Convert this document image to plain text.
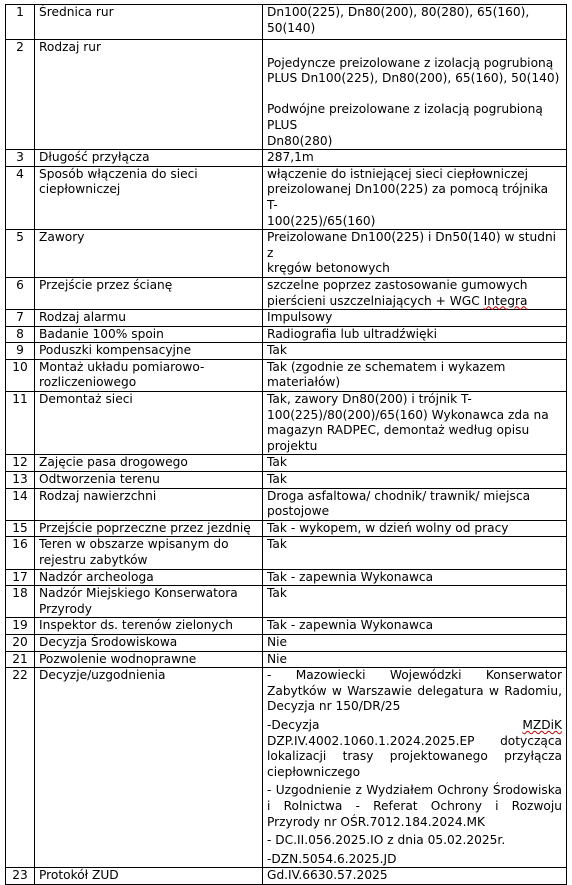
1	Średnica rur	Dn100(225), Dn80(200), 80(280), 65(160),
50(140)
2	Rodzaj rur	Pojedyncze preizolowane z izolacją pogrubioną
PLUS Dn100(225), Dn80(200), 65(160), 50(140)
Podwójne preizolowane z izolacją pogrubioną PLUS
Dn80(280)

3	Długość przyłącza	287,1m
4	Sposób włączenia do sieci
ciepłowniczej	włączenie do istniejącej sieci ciepłowniczej
preizolowanej Dn100(225) za pomocą trójnika T-
100(225)/65(160)
5	Zawory	Preizolowane Dn100(225) i Dn50(140) w studni z
kręgów betonowych
6	Przejście przez ścianę	szczelne poprzez zastosowanie gumowych
pierścieni uszczelniających + WGC Integra
7	Rodzaj alarmu	Impulsowy
8	Badanie 100% spoin	Radiografia lub ultradźwięki
9	Poduszki kompensacyjne	Tak
10	Montaż układu pomiarowo-
rozliczeniowego	Tak (zgodnie ze schematem i wykazem materiałów)
11	Demontaż sieci	Tak, zawory Dn80(200) i trójnik T-
100(225)/80(200)/65(160) Wykonawca zda na
magazyn RADPEC, demontaż według opisu projektu
12	Zajęcie pasa drogowego	Tak
13	Odtworzenia terenu	Tak
14	Rodzaj nawierzchni	Droga asfaltowa/ chodnik/ trawnik/ miejsca
postojowe
15	Przejście poprzeczne przez jezdnię	Tak - wykopem, w dzień wolny od pracy
16	Teren w obszarze wpisanym do
rejestru zabytków	Tak
17	Nadzór archeologa	Tak - zapewnia Wykonawca
18	Nadzór Miejskiego Konserwatora
Przyrody	Tak
19	Inspektor ds. terenów zielonych	Tak - zapewnia Wykonawca
20	Decyzja Środowiskowa	Nie
21	Pozwolenie wodnoprawne	Nie
22	Decyzje/uzgodnienia	- Mazowiecki Wojewódzki Konserwator Zabytków w Warszawie delegatura w Radomiu, Decyzja nr 150/DR/25
-Decyzja MZDiK DZP.IV.4002.1060.1.2024.2025.EP dotycząca lokalizacji trasy projektowanego przyłącza ciepłowniczego
- Uzgodnienie z Wydziałem Ochrony Środowiska i Rolnictwa - Referat Ochrony i Rozwoju Przyrody nr OŚR.7012.184.2024.MK
- DC.II.056.2025.IO z dnia 05.02.2025r.
-DZN.5054.6.2025.JD

23	Protokół ZUD	Gd.IV.6630.57.2025
